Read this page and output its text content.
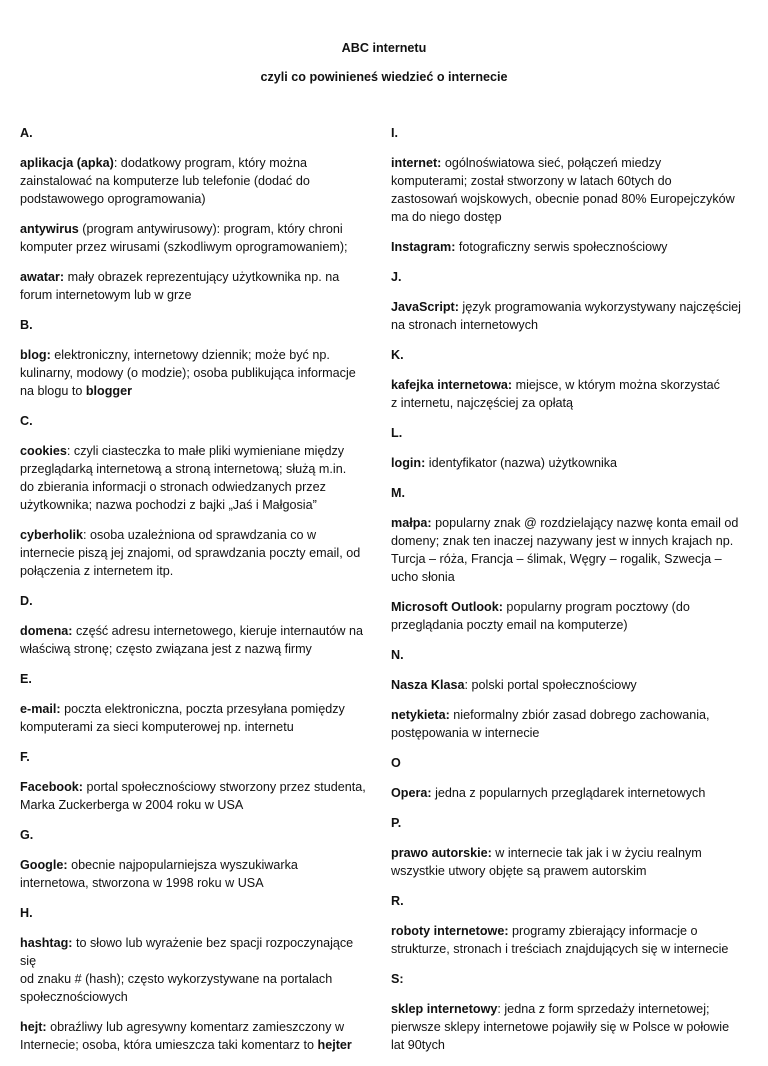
ABC internetu
czyli co powinieneś wiedzieć o internecie
A.
aplikacja (apka): dodatkowy program, który można
zainstalować na komputerze lub telefonie (dodać do
podstawowego oprogramowania)
antywirus (program antywirusowy): program, który chroni
komputer przez wirusami (szkodliwym oprogramowaniem);
awatar: mały obrazek reprezentujący użytkownika np. na
forum internetowym lub w grze
B.
blog: elektroniczny, internetowy dziennik; może być np.
kulinarny, modowy (o modzie); osoba publikująca informacje
na blogu to blogger
C.
cookies: czyli ciasteczka to małe pliki wymieniane między
przeglądarką internetową a stroną internetową; służą m.in.
do zbierania informacji o stronach odwiedzanych przez
użytkownika; nazwa pochodzi z bajki „Jaś i Małgosia”
cyberholik: osoba uzależniona od sprawdzania co w
internecie piszą jej znajomi, od sprawdzania poczty email, od
połączenia z internetem itp.
D.
domena: część adresu internetowego, kieruje internautów na
właściwą stronę; często związana jest z nazwą firmy
E.
e-mail: poczta elektroniczna, poczta przesyłana pomiędzy
komputerami za sieci komputerowej np. internetu
F.
Facebook: portal społecznościowy stworzony przez studenta,
Marka Zuckerberga w 2004 roku w USA
G.
Google: obecnie najpopularniejsza wyszukiwarka
internetowa, stworzona w 1998 roku w USA
H.
hashtag: to słowo lub wyrażenie bez spacji rozpoczynające się
od znaku # (hash); często wykorzystywane na portalach
społecznościowych
hejt: obraźliwy lub agresywny komentarz zamieszczony w
Internecie; osoba, która umieszcza taki komentarz to hejter
I.
internet: ogólnoświatowa sieć, połączeń miedzy
komputerami; został stworzony w latach 60tych do
zastosowań wojskowych, obecnie ponad 80% Europejczyków
ma do niego dostęp
Instagram: fotograficzny serwis społecznościowy
J.
JavaScript: język programowania wykorzystywany najczęściej
na stronach internetowych
K.
kafejka internetowa: miejsce, w którym można skorzystać
z internetu, najczęściej za opłatą
L.
login: identyfikator (nazwa) użytkownika
M.
małpa: popularny znak @ rozdzielający nazwę konta email od
domeny; znak ten inaczej nazywany jest w innych krajach np.
Turcja – róża, Francja – ślimak, Węgry – rogalik, Szwecja –
ucho słonia
Microsoft Outlook: popularny program pocztowy (do
przeglądania poczty email na komputerze)
N.
Nasza Klasa: polski portal społecznościowy
netykieta: nieformalny zbiór zasad dobrego zachowania,
postępowania w internecie
O
Opera: jedna z popularnych przeglądarek internetowych
P.
prawo autorskie: w internecie tak jak i w życiu realnym
wszystkie utwory objęte są prawem autorskim
R.
roboty internetowe: programy zbierający informacje o
strukturze, stronach i treściach znajdujących się w internecie
S:
sklep internetowy: jedna z form sprzedaży internetowej;
pierwsze sklepy internetowe pojawiły się w Polsce w połowie
lat 90tych
